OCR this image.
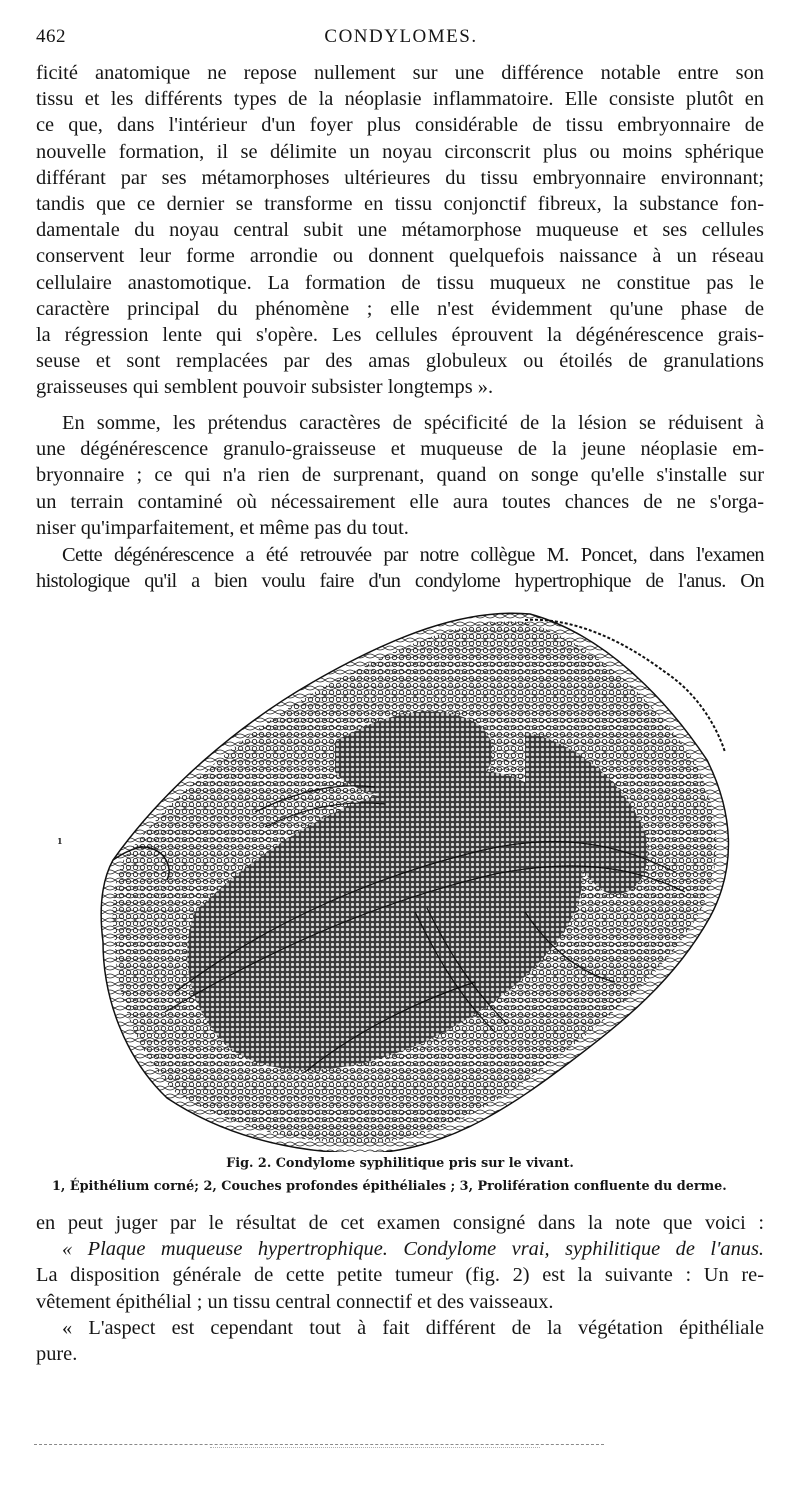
462	CONDYLOMES.
ficité anatomique ne repose nullement sur une différence notable entre son
tissu et les différents types de la néoplasie inflammatoire. Elle consiste plutôt en
ce que, dans l'intérieur d'un foyer plus considérable de tissu embryonnaire de
nouvelle formation, il se délimite un noyau circonscrit plus ou moins sphérique
différant par ses métamorphoses ultérieures du tissu embryonnaire environnant;
tandis que ce dernier se transforme en tissu conjonctif fibreux, la substance fon-
damentale du noyau central subit une métamorphose muqueuse et ses cellules
conservent leur forme arrondie ou donnent quelquefois naissance à un réseau
cellulaire anastomotique. La formation de tissu muqueux ne constitue pas le
caractère principal du phénomène ; elle n'est évidemment qu'une phase de
la régression lente qui s'opère. Les cellules éprouvent la dégénérescence grais-
seuse et sont remplacées par des amas globuleux ou étoilés de granulations
graisseuses qui semblent pouvoir subsister longtemps ».
En somme, les prétendus caractères de spécificité de la lésion se réduisent à
une dégénérescence granulo-graisseuse et muqueuse de la jeune néoplasie em-
bryonnaire ; ce qui n'a rien de surprenant, quand on songe qu'elle s'installe sur
un terrain contaminé où nécessairement elle aura toutes chances de ne s'orga-
niser qu'imparfaitement, et même pas du tout.
Cette dégénérescence a été retrouvée par notre collègue M. Poncet, dans l'examen
histologique qu'il a bien voulu faire d'un condylome hypertrophique de l'anus. On
1
Fig. 2. Condylome syphilitique pris sur le vivant.
1, Épithélium corné; 2, Couches profondes épithéliales ; 3, Prolifération confluente du derme.
en peut juger par le résultat de cet examen consigné dans la note que voici :
« Plaque muqueuse hypertrophique. Condylome vrai, syphilitique de l'anus.
La disposition générale de cette petite tumeur (fig. 2) est la suivante : Un re-
vêtement épithélial ; un tissu central connectif et des vaisseaux.
« L'aspect est cependant tout à fait différent de la végétation épithéliale
pure.
